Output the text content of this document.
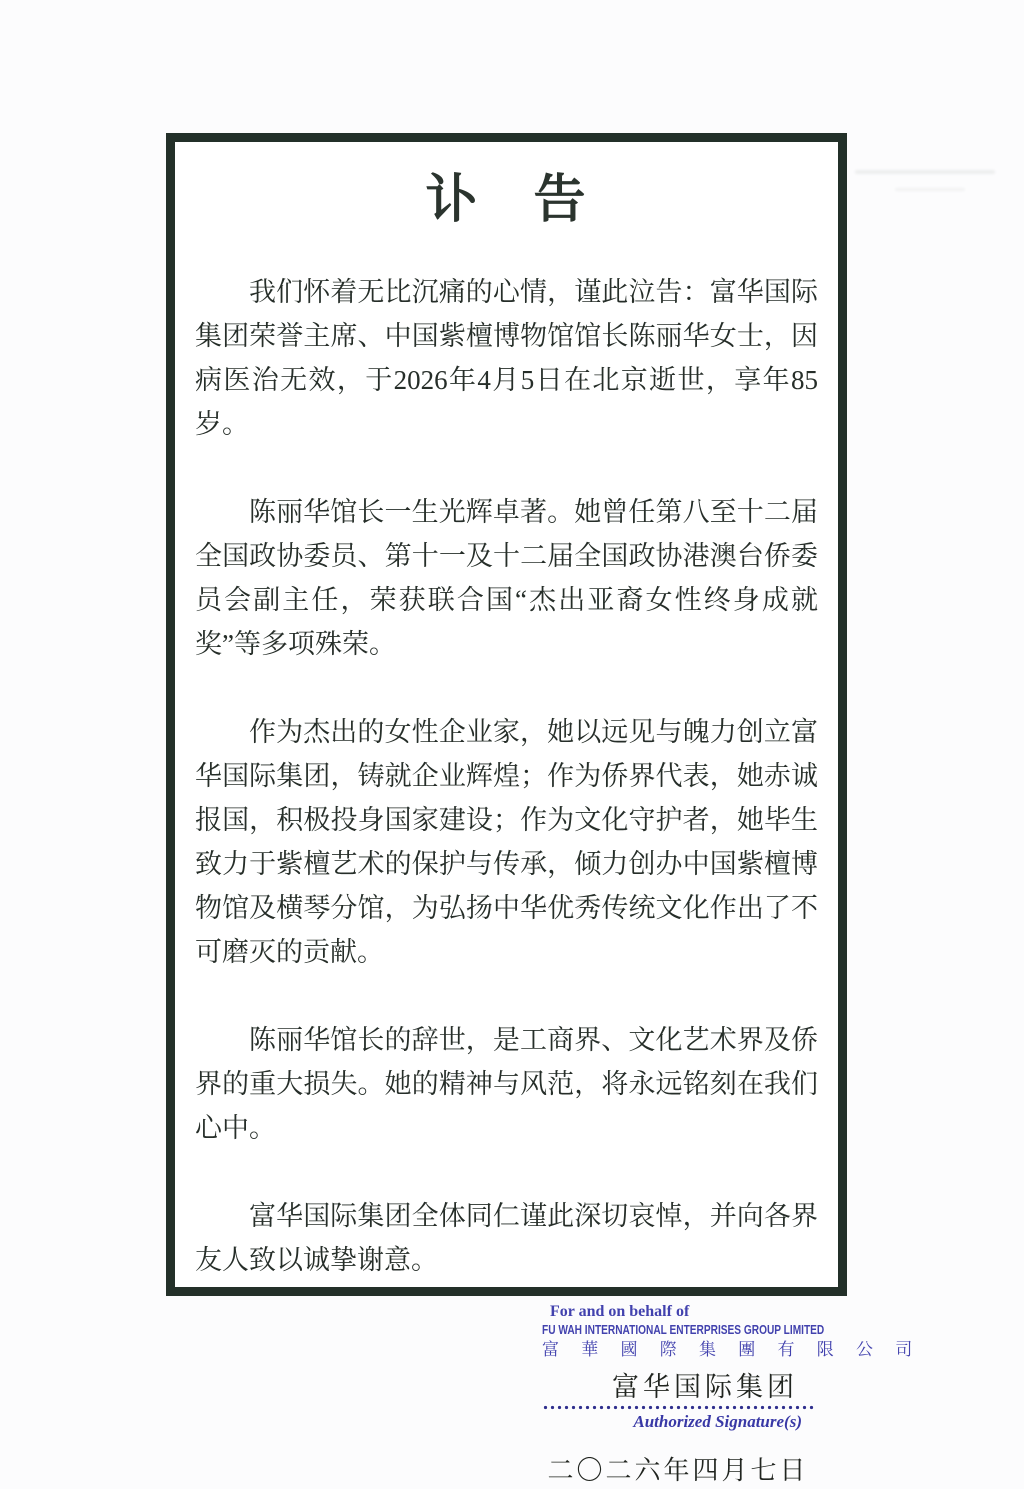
讣　告

我们怀着无比沉痛的心情，谨此泣告：富华国际集团荣誉主席、中国紫檀博物馆馆长陈丽华女士，因病医治无效，于2026年4月5日在北京逝世，享年85岁。

陈丽华馆长一生光辉卓著。她曾任第八至十二届全国政协委员、第十一及十二届全国政协港澳台侨委员会副主任，荣获联合国“杰出亚裔女性终身成就奖”等多项殊荣。

作为杰出的女性企业家，她以远见与魄力创立富华国际集团，铸就企业辉煌；作为侨界代表，她赤诚报国，积极投身国家建设；作为文化守护者，她毕生致力于紫檀艺术的保护与传承，倾力创办中国紫檀博物馆及横琴分馆，为弘扬中华优秀传统文化作出了不可磨灭的贡献。

陈丽华馆长的辞世，是工商界、文化艺术界及侨界的重大损失。她的精神与风范，将永远铭刻在我们心中。

富华国际集团全体同仁谨此深切哀悼，并向各界友人致以诚挚谢意。

For and on behalf of
FU WAH INTERNATIONAL ENTERPRISES GROUP LIMITED
富 華 國 際 集 團 有 限 公 司
富华国际集团
Authorized Signature(s)
二〇二六年四月七日
